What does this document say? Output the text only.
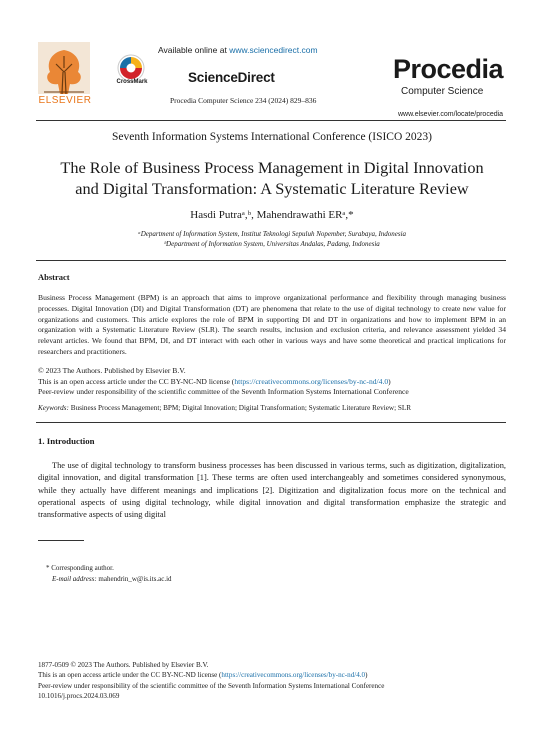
ELSEVIER
Available online at www.sciencedirect.com
CrossMark	ScienceDirect
Procedia Computer Science 234 (2024) 829–836
Procedia
Computer Science
www.elsevier.com/locate/procedia
Seventh Information Systems International Conference (ISICO 2023)
The Role of Business Process Management in Digital Innovation and Digital Transformation: A Systematic Literature Review
Hasdi Putraᵃ,ᵇ, Mahendrawathi ERᵃ,*
ᵃDepartment of Information System, Institut Teknologi Sepuluh Nopember, Surabaya, Indonesia
ᵇDepartment of Information System, Universitas Andalas, Padang, Indonesia
Abstract
Business Process Management (BPM) is an approach that aims to improve organizational performance and flexibility through managing business processes. Digital Innovation (DI) and Digital Transformation (DT) are phenomena that relate to the use of digital technology to create new value for organizations and customers. This article explores the role of BPM in supporting DI and DT in organizations and how to implement BPM in an organization with a Systematic Literature Review (SLR). The search results, inclusion and exclusion criteria, and relevance assessment yielded 34 relevant articles. We found that BPM, DI, and DT interact with each other in various ways and have some theoretical and practical implications for researchers and practitioners.
© 2023 The Authors. Published by Elsevier B.V.
This is an open access article under the CC BY-NC-ND license (https://creativecommons.org/licenses/by-nc-nd/4.0)
Peer-review under responsibility of the scientific committee of the Seventh Information Systems International Conference
Keywords: Business Process Management; BPM; Digital Innovation; Digital Transformation; Systematic Literature Review; SLR
1. Introduction
The use of digital technology to transform business processes has been discussed in various terms, such as digitization, digitalization, digital innovation, and digital transformation [1]. These terms are often used interchangeably and sometimes considered synonymous, while they actually have different meanings and implications [2]. Digitization and digitalization focus more on the technical and operational aspects of using digital technology, while digital innovation and digital transformation emphasize the strategic and transformative aspects of using digital
* Corresponding author.
E-mail address: mahendrin_w@is.its.ac.id
1877-0509 © 2023 The Authors. Published by Elsevier B.V.
This is an open access article under the CC BY-NC-ND license (https://creativecommons.org/licenses/by-nc-nd/4.0)
Peer-review under responsibility of the scientific committee of the Seventh Information Systems International Conference
10.1016/j.procs.2024.03.069
